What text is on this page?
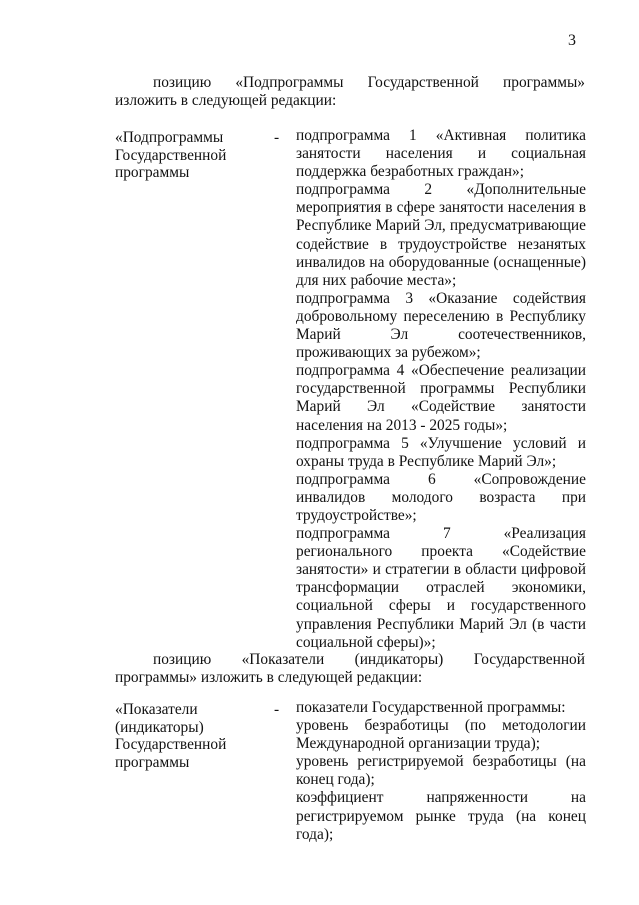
3
позицию «Подпрограммы Государственной программы» изложить в следующей редакции:
«Подпрограммы Государственной программы
- подпрограмма 1 «Активная политика занятости населения и социальная поддержка безработных граждан»;
подпрограмма 2 «Дополнительные мероприятия в сфере занятости населения в Республике Марий Эл, предусматривающие содействие в трудоустройстве незанятых инвалидов на оборудованные (оснащенные) для них рабочие места»;
подпрограмма 3 «Оказание содействия добровольному переселению в Республику Марий Эл соотечественников, проживающих за рубежом»;
подпрограмма 4 «Обеспечение реализации государственной программы Республики Марий Эл «Содействие занятости населения на 2013 - 2025 годы»;
подпрограмма 5 «Улучшение условий и охраны труда в Республике Марий Эл»;
подпрограмма 6 «Сопровождение инвалидов молодого возраста при трудоустройстве»;
подпрограмма 7 «Реализация регионального проекта «Содействие занятости» и стратегии в области цифровой трансформации отраслей экономики, социальной сферы и государственного управления Республики Марий Эл (в части социальной сферы)»;
позицию «Показатели (индикаторы) Государственной программы» изложить в следующей редакции:
«Показатели (индикаторы) Государственной программы
- показатели Государственной программы:
уровень безработицы (по методологии Международной организации труда);
уровень регистрируемой безработицы (на конец года);
коэффициент напряженности на регистрируемом рынке труда (на конец года);
